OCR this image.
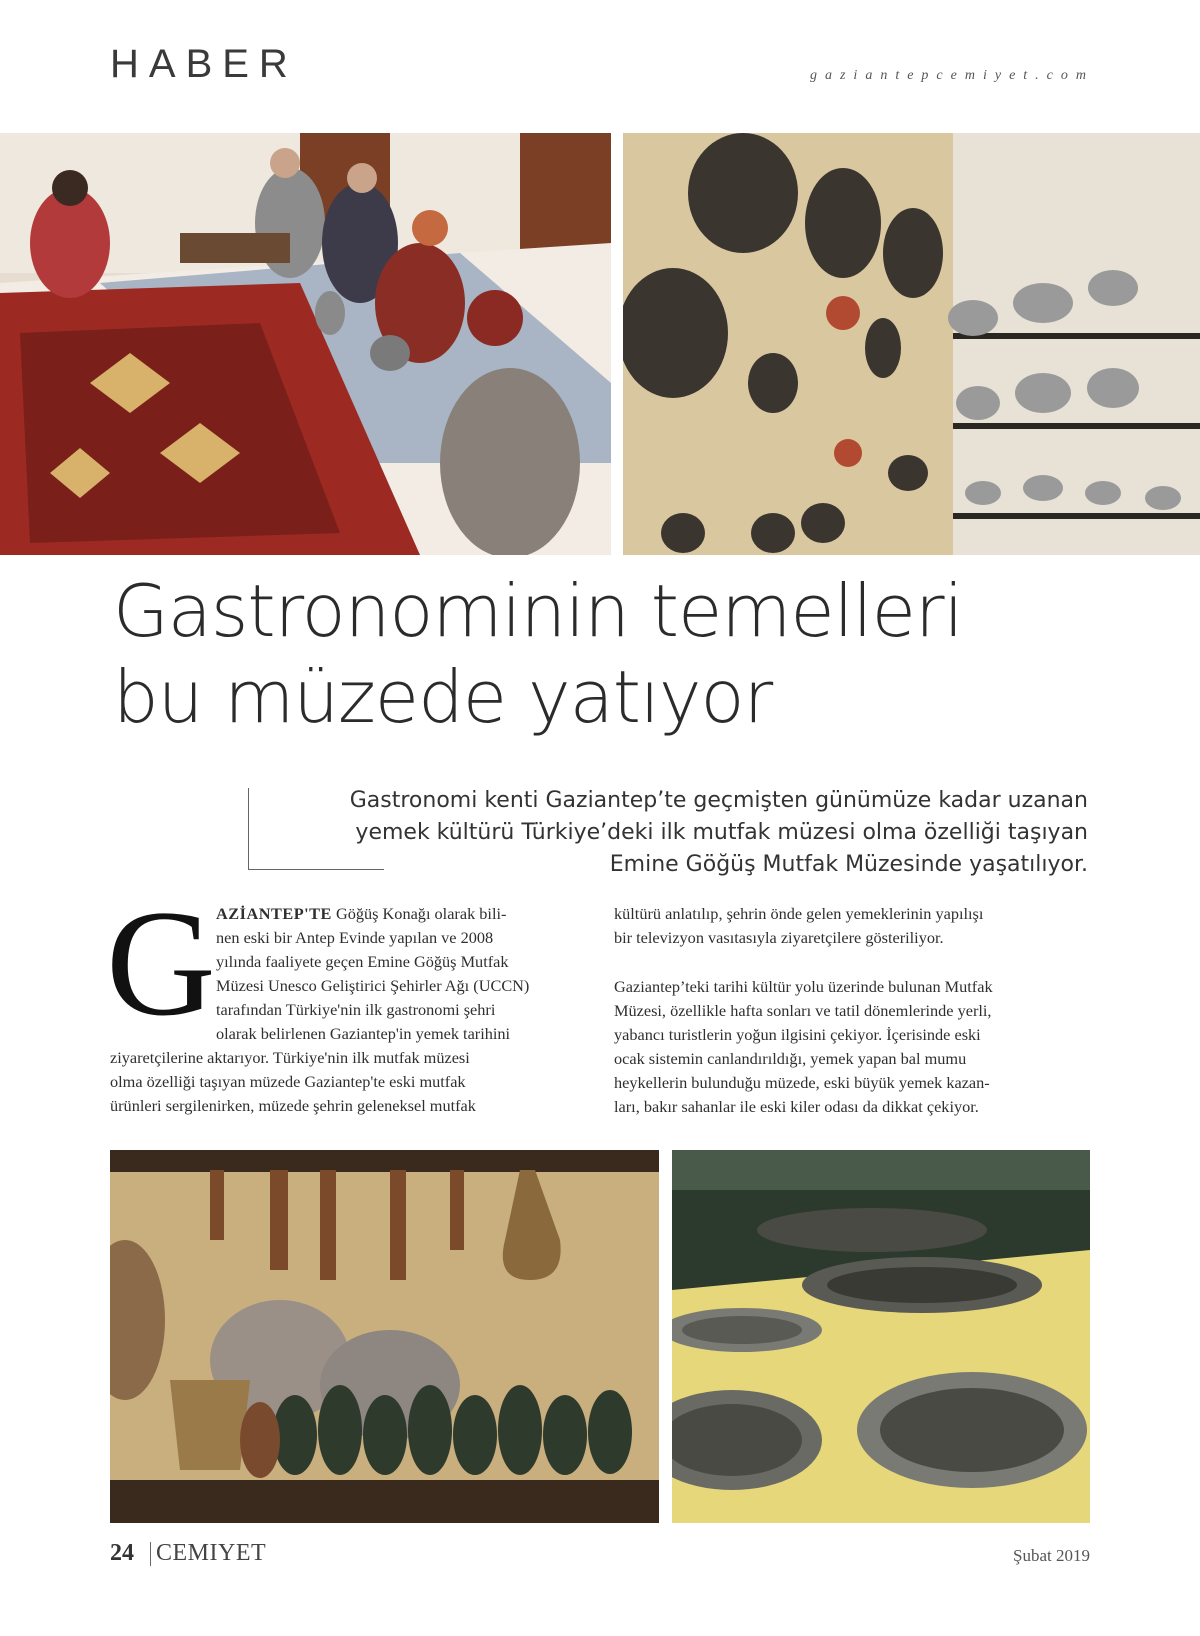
HABER	gaziantepcemiyet.com
Gastronominin temelleri
bu müzede yatıyor
Gastronomi kenti Gaziantep’te geçmişten günümüze kadar uzanan
yemek kültürü Türkiye’deki ilk mutfak müzesi olma özelliği taşıyan
Emine Göğüş Mutfak Müzesinde yaşatılıyor.
G AZİANTEP'TE Göğüş Konağı olarak bili-
nen eski bir Antep Evinde yapılan ve 2008
yılında faaliyete geçen Emine Göğüş Mutfak
Müzesi Unesco Geliştirici Şehirler Ağı (UCCN)
tarafından Türkiye'nin ilk gastronomi şehri
olarak belirlenen Gaziantep'in yemek tarihini
ziyaretçilerine aktarıyor. Türkiye'nin ilk mutfak müzesi
olma özelliği taşıyan müzede Gaziantep'te eski mutfak
ürünleri sergilenirken, müzede şehrin geleneksel mutfak
kültürü anlatılıp, şehrin önde gelen yemeklerinin yapılışı
bir televizyon vasıtasıyla ziyaretçilere gösteriliyor.
Gaziantep’teki tarihi kültür yolu üzerinde bulunan Mutfak
Müzesi, özellikle hafta sonları ve tatil dönemlerinde yerli,
yabancı turistlerin yoğun ilgisini çekiyor. İçerisinde eski
ocak sistemin canlandırıldığı, yemek yapan bal mumu
heykellerin bulunduğu müzede, eski büyük yemek kazan-
ları, bakır sahanlar ile eski kiler odası da dikkat çekiyor.
24 CEMIYET	Şubat 2019
